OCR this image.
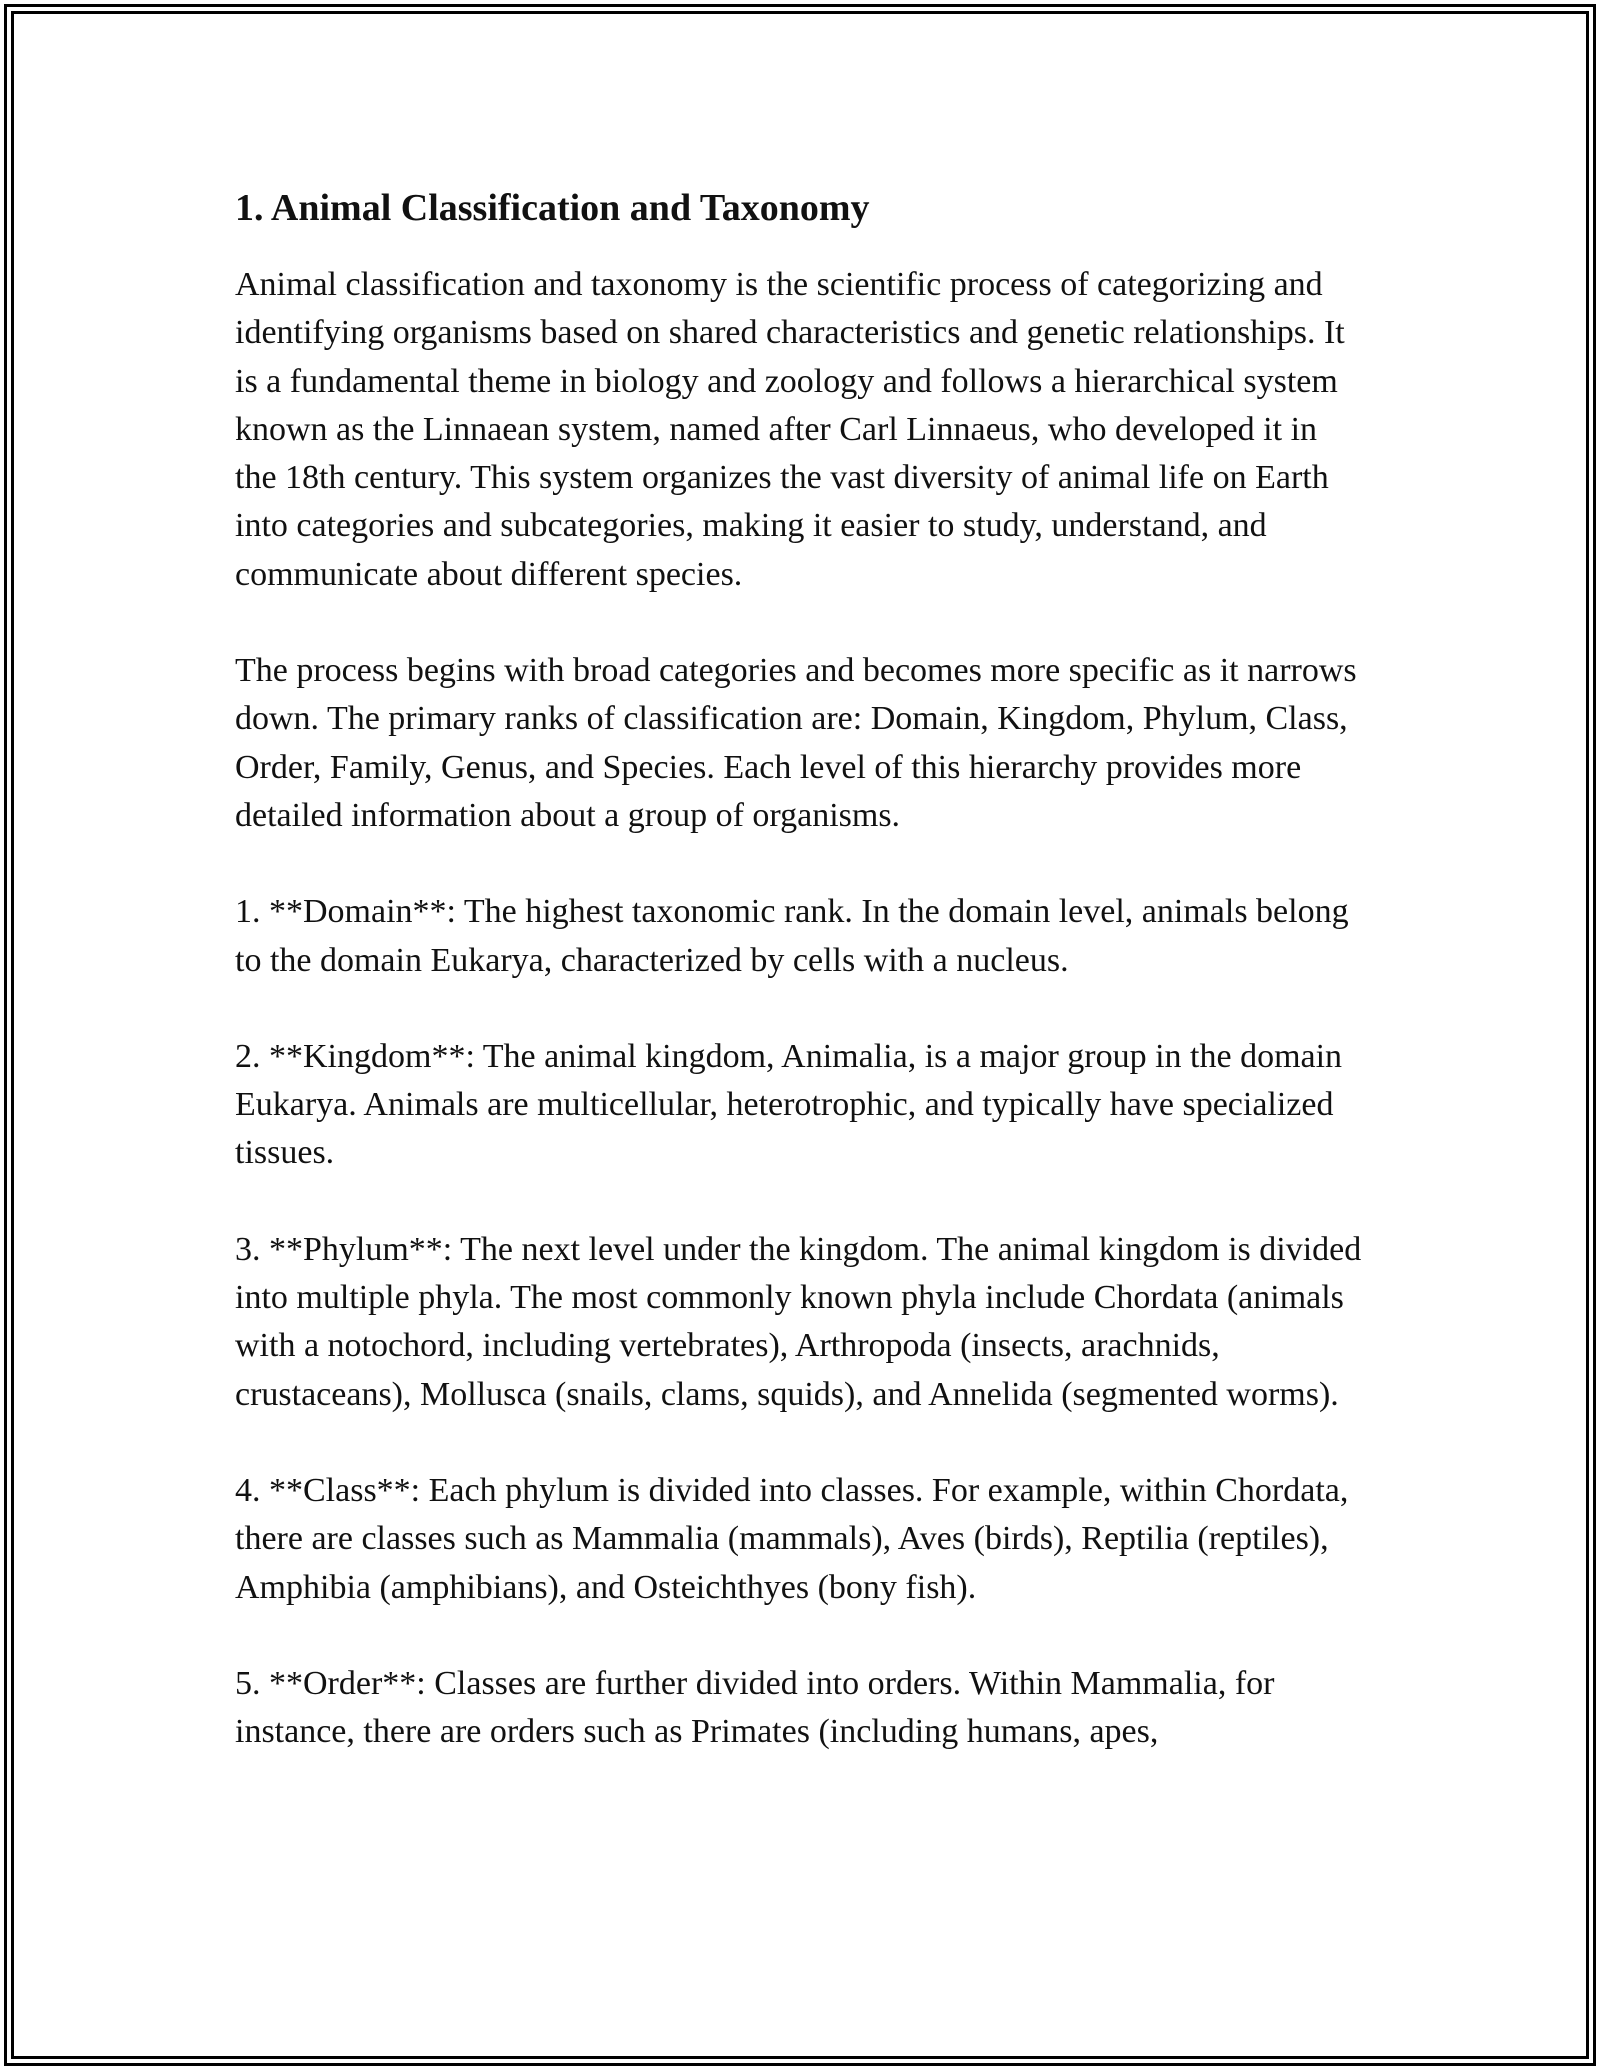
1. Animal Classification and Taxonomy

Animal classification and taxonomy is the scientific process of categorizing and identifying organisms based on shared characteristics and genetic relationships. It is a fundamental theme in biology and zoology and follows a hierarchical system known as the Linnaean system, named after Carl Linnaeus, who developed it in the 18th century. This system organizes the vast diversity of animal life on Earth into categories and subcategories, making it easier to study, understand, and communicate about different species.

The process begins with broad categories and becomes more specific as it narrows down. The primary ranks of classification are: Domain, Kingdom, Phylum, Class, Order, Family, Genus, and Species. Each level of this hierarchy provides more detailed information about a group of organisms.

1. **Domain**: The highest taxonomic rank. In the domain level, animals belong to the domain Eukarya, characterized by cells with a nucleus.

2. **Kingdom**: The animal kingdom, Animalia, is a major group in the domain Eukarya. Animals are multicellular, heterotrophic, and typically have specialized tissues.

3. **Phylum**: The next level under the kingdom. The animal kingdom is divided into multiple phyla. The most commonly known phyla include Chordata (animals with a notochord, including vertebrates), Arthropoda (insects, arachnids, crustaceans), Mollusca (snails, clams, squids), and Annelida (segmented worms).

4. **Class**: Each phylum is divided into classes. For example, within Chordata, there are classes such as Mammalia (mammals), Aves (birds), Reptilia (reptiles), Amphibia (amphibians), and Osteichthyes (bony fish).

5. **Order**: Classes are further divided into orders. Within Mammalia, for instance, there are orders such as Primates (including humans, apes,
